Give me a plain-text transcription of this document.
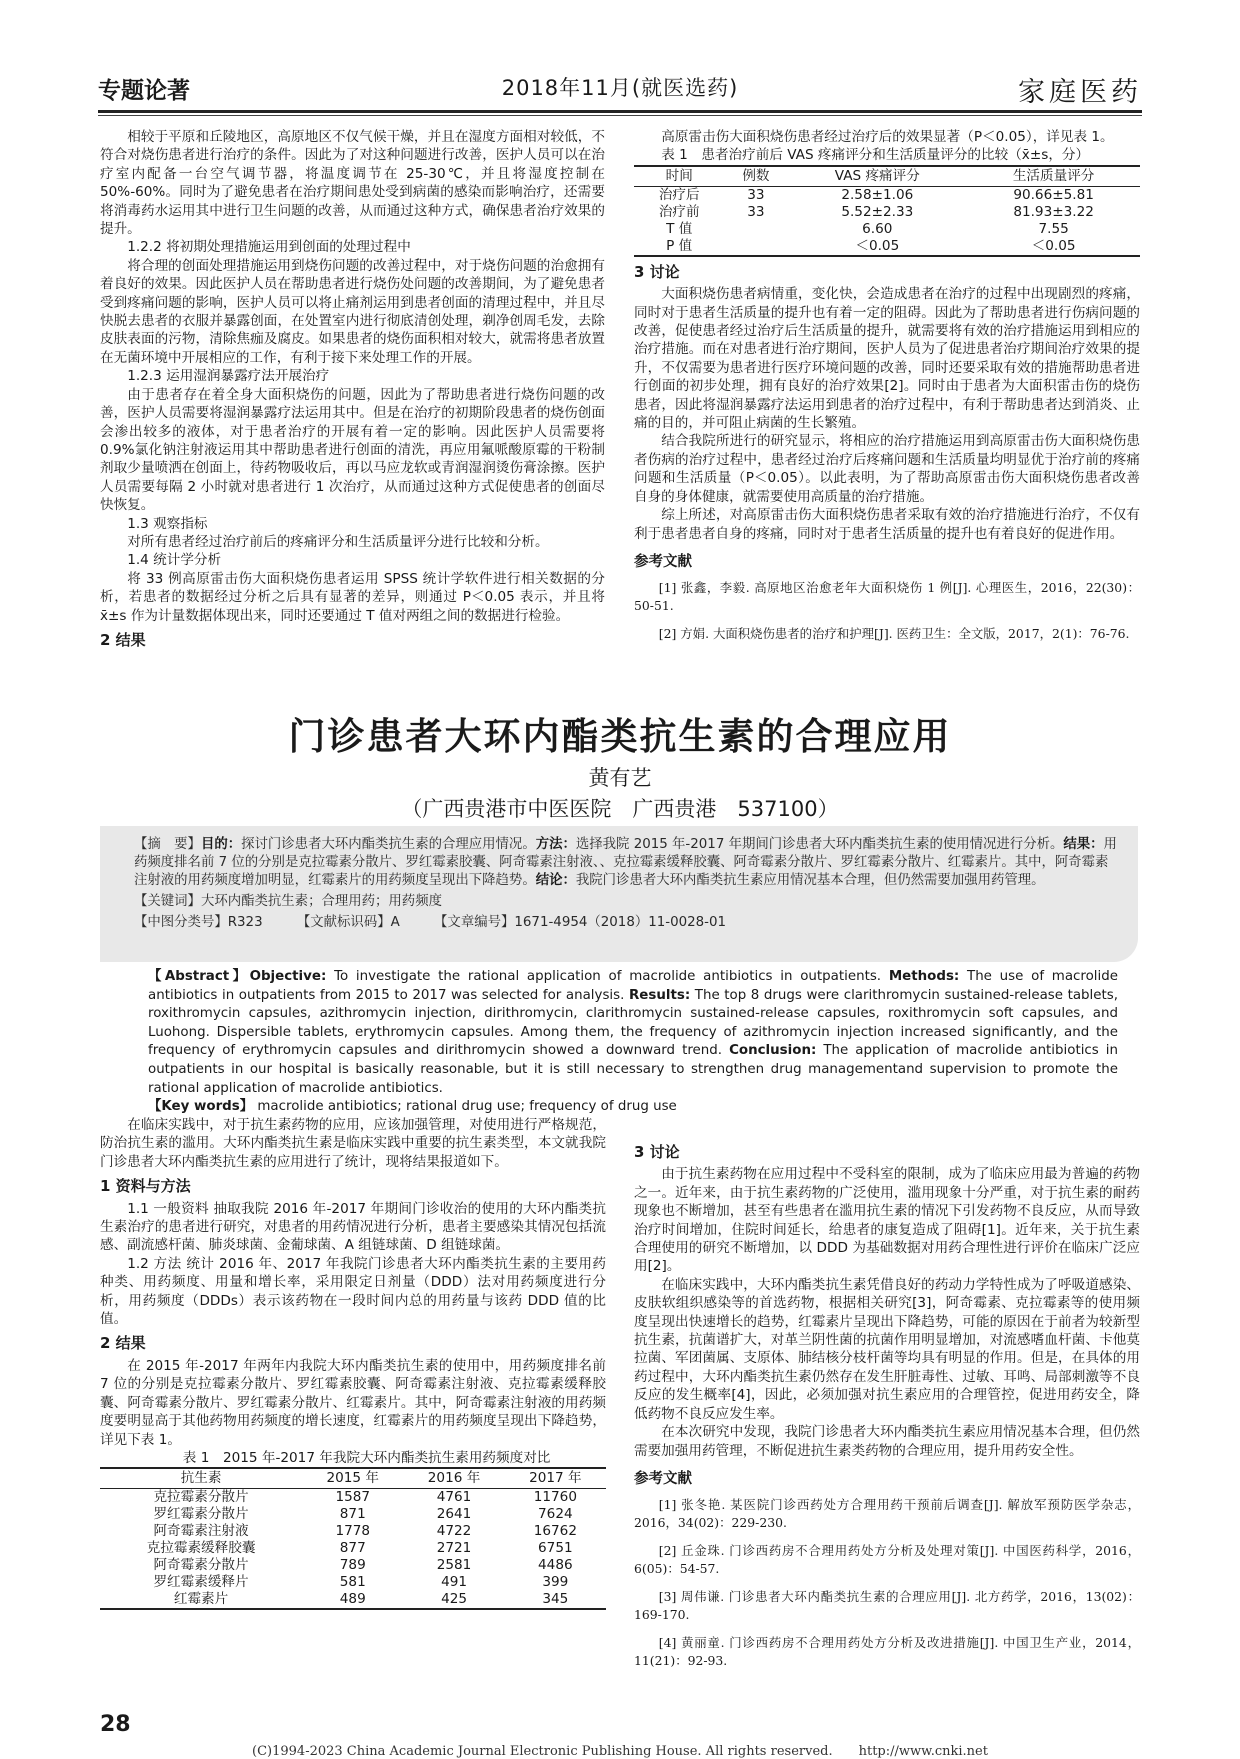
专题论著	2018年11月(就医选药)	家庭医药

相较于平原和丘陵地区，高原地区不仅气候干燥，并且在湿度方面相对较低，不符合对烧伤患者进行治疗的条件。因此为了对这种问题进行改善，医护人员可以在治疗室内配备一台空气调节器，将温度调节在 25-30℃，并且将湿度控制在 50%-60%。同时为了避免患者在治疗期间患处受到病菌的感染而影响治疗，还需要将消毒药水运用其中进行卫生问题的改善，从而通过这种方式，确保患者治疗效果的提升。

1.2.2 将初期处理措施运用到创面的处理过程中

将合理的创面处理措施运用到烧伤问题的改善过程中，对于烧伤问题的治愈拥有着良好的效果。因此医护人员在帮助患者进行烧伤处问题的改善期间，为了避免患者受到疼痛问题的影响，医护人员可以将止痛剂运用到患者创面的清理过程中，并且尽快脱去患者的衣服并暴露创面，在处置室内进行彻底清创处理，剃净创周毛发，去除皮肤表面的污物，清除焦痂及腐皮。如果患者的烧伤面积相对较大，就需将患者放置在无菌环境中开展相应的工作，有利于接下来处理工作的开展。

1.2.3 运用湿润暴露疗法开展治疗

由于患者存在着全身大面积烧伤的问题，因此为了帮助患者进行烧伤问题的改善，医护人员需要将湿润暴露疗法运用其中。但是在治疗的初期阶段患者的烧伤创面会渗出较多的液体，对于患者治疗的开展有着一定的影响。因此医护人员需要将 0.9%氯化钠注射液运用其中帮助患者进行创面的清洗，再应用氟哌酸原霉的干粉制剂取少量喷洒在创面上，待药物吸收后，再以马应龙软或青润湿润烫伤膏涂擦。医护人员需要每隔 2 小时就对患者进行 1 次治疗，从而通过这种方式促使患者的创面尽快恢复。

1.3 观察指标

对所有患者经过治疗前后的疼痛评分和生活质量评分进行比较和分析。

1.4 统计学分析

将 33 例高原雷击伤大面积烧伤患者运用 SPSS 统计学软件进行相关数据的分析，若患者的数据经过分析之后具有显著的差异，则通过 P＜0.05 表示，并且将 x̄±s 作为计量数据体现出来，同时还要通过 T 值对两组之间的数据进行检验。

2 结果

高原雷击伤大面积烧伤患者经过治疗后的效果显著（P＜0.05），详见表 1。

表 1　患者治疗前后 VAS 疼痛评分和生活质量评分的比较（x̄±s，分）

时间	例数	VAS 疼痛评分	生活质量评分
治疗后	33	2.58±1.06	90.66±5.81
治疗前	33	5.52±2.33	81.93±3.22
T 值		6.60	7.55
P 值		＜0.05	＜0.05
3 讨论

大面积烧伤患者病情重，变化快，会造成患者在治疗的过程中出现剧烈的疼痛，同时对于患者生活质量的提升也有着一定的阻碍。因此为了帮助患者进行伤病问题的改善，促使患者经过治疗后生活质量的提升，就需要将有效的治疗措施运用到相应的治疗措施。而在对患者进行治疗期间，医护人员为了促进患者治疗期间治疗效果的提升，不仅需要为患者进行医疗环境问题的改善，同时还要采取有效的措施帮助患者进行创面的初步处理，拥有良好的治疗效果[2]。同时由于患者为大面积雷击伤的烧伤患者，因此将湿润暴露疗法运用到患者的治疗过程中，有利于帮助患者达到消炎、止痛的目的，并可阻止病菌的生长繁殖。

结合我院所进行的研究显示，将相应的治疗措施运用到高原雷击伤大面积烧伤患者伤病的治疗过程中，患者经过治疗后疼痛问题和生活质量均明显优于治疗前的疼痛问题和生活质量（P＜0.05）。以此表明，为了帮助高原雷击伤大面积烧伤患者改善自身的身体健康，就需要使用高质量的治疗措施。

综上所述，对高原雷击伤大面积烧伤患者采取有效的治疗措施进行治疗，不仅有利于患者患者自身的疼痛，同时对于患者生活质量的提升也有着良好的促进作用。

参考文献

[1] 张鑫，李毅. 高原地区治愈老年大面积烧伤 1 例[J]. 心理医生，2016，22(30)：50-51.

[2] 方娟. 大面积烧伤患者的治疗和护理[J]. 医药卫生：全文版，2017，2(1)：76-76.

门诊患者大环内酯类抗生素的合理应用
黄有艺
（广西贵港市中医医院　广西贵港　537100）
【摘　要】目的：探讨门诊患者大环内酯类抗生素的合理应用情况。方法：选择我院 2015 年-2017 年期间门诊患者大环内酯类抗生素的使用情况进行分析。结果：用药频度排名前 7 位的分别是克拉霉素分散片、罗红霉素胶囊、阿奇霉素注射液、、克拉霉素缓释胶囊、阿奇霉素分散片、罗红霉素分散片、红霉素片。其中，阿奇霉素注射液的用药频度增加明显，红霉素片的用药频度呈现出下降趋势。结论：我院门诊患者大环内酯类抗生素应用情况基本合理，但仍然需要加强用药管理。
【关键词】大环内酯类抗生素；合理用药；用药频度
【中图分类号】R323	【文献标识码】A	【文章编号】1671-4954（2018）11-0028-01
【Abstract】Objective: To investigate the rational application of macrolide antibiotics in outpatients. Methods: The use of macrolide antibiotics in outpatients from 2015 to 2017 was selected for analysis. Results: The top 8 drugs were clarithromycin sustained-release tablets, roxithromycin capsules, azithromycin injection, dirithromycin, clarithromycin sustained-release capsules, roxithromycin soft capsules, and Luohong. Dispersible tablets, erythromycin capsules. Among them, the frequency of azithromycin injection increased significantly, and the frequency of erythromycin capsules and dirithromycin showed a downward trend. Conclusion: The application of macrolide antibiotics in outpatients in our hospital is basically reasonable, but it is still necessary to strengthen drug managementand supervision to promote the rational application of macrolide antibiotics.
【Key words】 macrolide antibiotics; rational drug use; frequency of drug use

在临床实践中，对于抗生素药物的应用，应该加强管理，对使用进行严格规范，防治抗生素的滥用。大环内酯类抗生素是临床实践中重要的抗生素类型，本文就我院门诊患者大环内酯类抗生素的应用进行了统计，现将结果报道如下。

1 资料与方法

1.1 一般资料 抽取我院 2016 年-2017 年期间门诊收治的使用的大环内酯类抗生素治疗的患者进行研究，对患者的用药情况进行分析，患者主要感染其情况包括流感、副流感杆菌、肺炎球菌、金葡球菌、A 组链球菌、D 组链球菌。

1.2 方法 统计 2016 年、2017 年我院门诊患者大环内酯类抗生素的主要用药种类、用药频度、用量和增长率，采用限定日剂量（DDD）法对用药频度进行分析，用药频度（DDDs）表示该药物在一段时间内总的用药量与该药 DDD 值的比值。

2 结果

在 2015 年-2017 年两年内我院大环内酯类抗生素的使用中，用药频度排名前 7 位的分别是克拉霉素分散片、罗红霉素胶囊、阿奇霉素注射液、克拉霉素缓释胶囊、阿奇霉素分散片、罗红霉素分散片、红霉素片。其中，阿奇霉素注射液的用药频度要明显高于其他药物用药频度的增长速度，红霉素片的用药频度呈现出下降趋势，详见下表 1。

表 1　2015 年-2017 年我院大环内酯类抗生素用药频度对比

抗生素	2015 年	2016 年	2017 年
克拉霉素分散片	1587	4761	11760
罗红霉素分散片	871	2641	7624
阿奇霉素注射液	1778	4722	16762
克拉霉素缓释胶囊	877	2721	6751
阿奇霉素分散片	789	2581	4486
罗红霉素缓释片	581	491	399
红霉素片	489	425	345
3 讨论

由于抗生素药物在应用过程中不受科室的限制，成为了临床应用最为普遍的药物之一。近年来，由于抗生素药物的广泛使用，滥用现象十分严重，对于抗生素的耐药现象也不断增加，甚至有些患者在滥用抗生素的情况下引发药物不良反应，从而导致治疗时间增加，住院时间延长，给患者的康复造成了阻碍[1]。近年来，关于抗生素合理使用的研究不断增加，以 DDD 为基础数据对用药合理性进行评价在临床广泛应用[2]。

在临床实践中，大环内酯类抗生素凭借良好的药动力学特性成为了呼吸道感染、皮肤软组织感染等的首选药物，根据相关研究[3]，阿奇霉素、克拉霉素等的使用频度呈现出快速增长的趋势，红霉素片呈现出下降趋势，可能的原因在于前者为较新型抗生素，抗菌谱扩大，对革兰阴性菌的抗菌作用明显增加，对流感嗜血杆菌、卡他莫拉菌、军团菌属、支原体、肺结核分枝杆菌等均具有明显的作用。但是，在具体的用药过程中，大环内酯类抗生素仍然存在发生肝脏毒性、过敏、耳鸣、局部刺激等不良反应的发生概率[4]，因此，必须加强对抗生素应用的合理管控，促进用药安全，降低药物不良反应发生率。

在本次研究中发现，我院门诊患者大环内酯类抗生素应用情况基本合理，但仍然需要加强用药管理，不断促进抗生素类药物的合理应用，提升用药安全性。

参考文献

[1] 张冬艳. 某医院门诊西药处方合理用药干预前后调查[J]. 解放军预防医学杂志，2016，34(02)：229-230.

[2] 丘金珠. 门诊西药房不合理用药处方分析及处理对策[J]. 中国医药科学，2016，6(05)：54-57.

[3] 周伟谦. 门诊患者大环内酯类抗生素的合理应用[J]. 北方药学，2016，13(02)：169-170.

[4] 黄丽童. 门诊西药房不合理用药处方分析及改进措施[J]. 中国卫生产业，2014，11(21)：92-93.

28
(C)1994-2023 China Academic Journal Electronic Publishing House. All rights reserved.　　http://www.cnki.net
